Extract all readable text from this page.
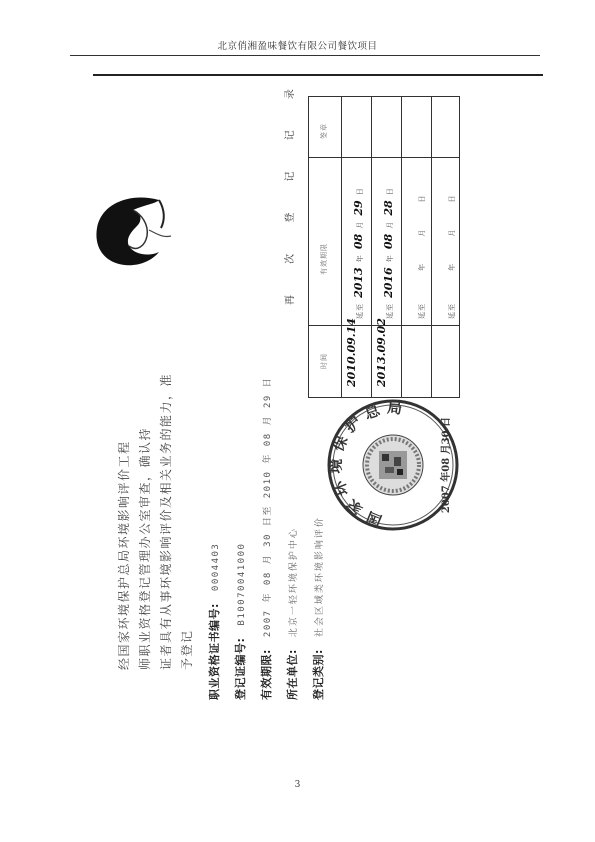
北京俏湘盈味餐饮有限公司餐饮项目
经国家环境保护总局环境影响评价工程 师职业资格登记管理办公室审查，确认持 证者具有从事环境影响评价及相关业务的能力，准 予登记	职业资格证书编号:0004403
登记证编号:B10070041000
有效期限:2007 年 08 月 30 日至 2010 年 08 月 29 日
所在单位:北京一轻环境保护中心
登记类别:社会区域类环境影响评价
再 次 登 记 记 录
时间
有效期限
签章
2010.09.14
延至 2013 年 08 月 29 日
2013.09.02
延至 2016 年 08 月 28 日
延至  年  月  日
延至  年  月  日
国家环境保护总局
2007 年08 月30 日
3
